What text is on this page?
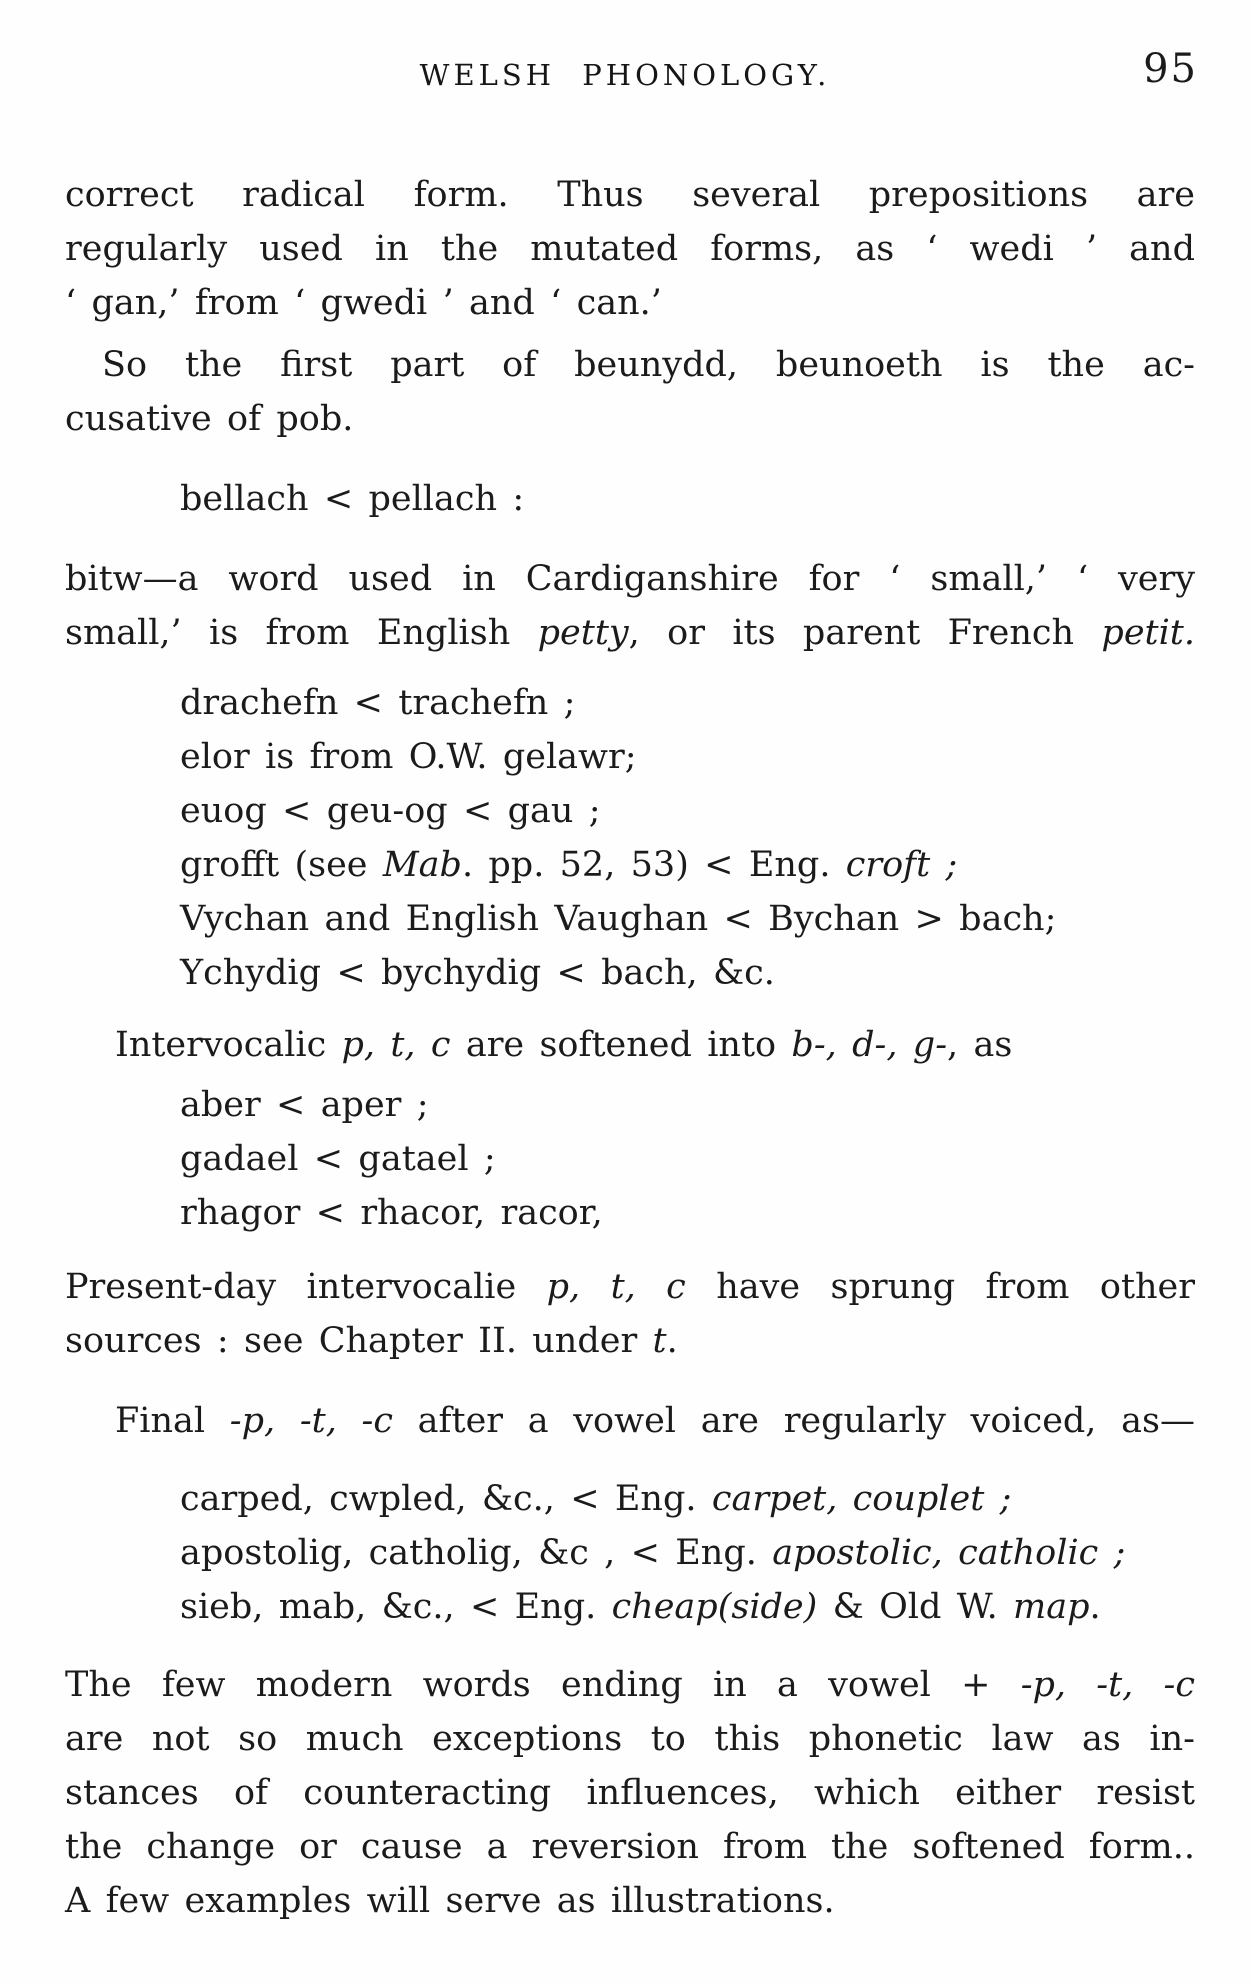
WELSH PHONOLOGY.	95
correct radical form. Thus several prepositions are
regularly used in the mutated forms, as ‘ wedi ’ and
‘ gan,’ from ‘ gwedi ’ and ‘ can.’
So the first part of beunydd, beunoeth is the ac-
cusative of pob.
bellach < pellach :
bitw—a word used in Cardiganshire for ‘ small,’ ‘ very
small,’ is from English petty, or its parent French petit.
drachefn < trachefn ;
elor is from O.W. gelawr;
euog < geu-og < gau ;
grofft (see Mab. pp. 52, 53) < Eng. croft ;
Vychan and English Vaughan < Bychan > bach;
Ychydig < bychydig < bach, &c.
Intervocalic p, t, c are softened into b-, d-, g-, as
aber < aper ;
gadael < gatael ;
rhagor < rhacor, racor,
Present-day intervocalie p, t, c have sprung from other
sources : see Chapter II. under t.
Final -p, -t, -c after a vowel are regularly voiced, as—
carped, cwpled, &c., < Eng. carpet, couplet ;
apostolig, catholig, &c , < Eng. apostolic, catholic ;
sieb, mab, &c., < Eng. cheap(side) & Old W. map.
The few modern words ending in a vowel + -p, -t, -c
are not so much exceptions to this phonetic law as in-
stances of counteracting influences, which either resist
the change or cause a reversion from the softened form..
A few examples will serve as illustrations.
